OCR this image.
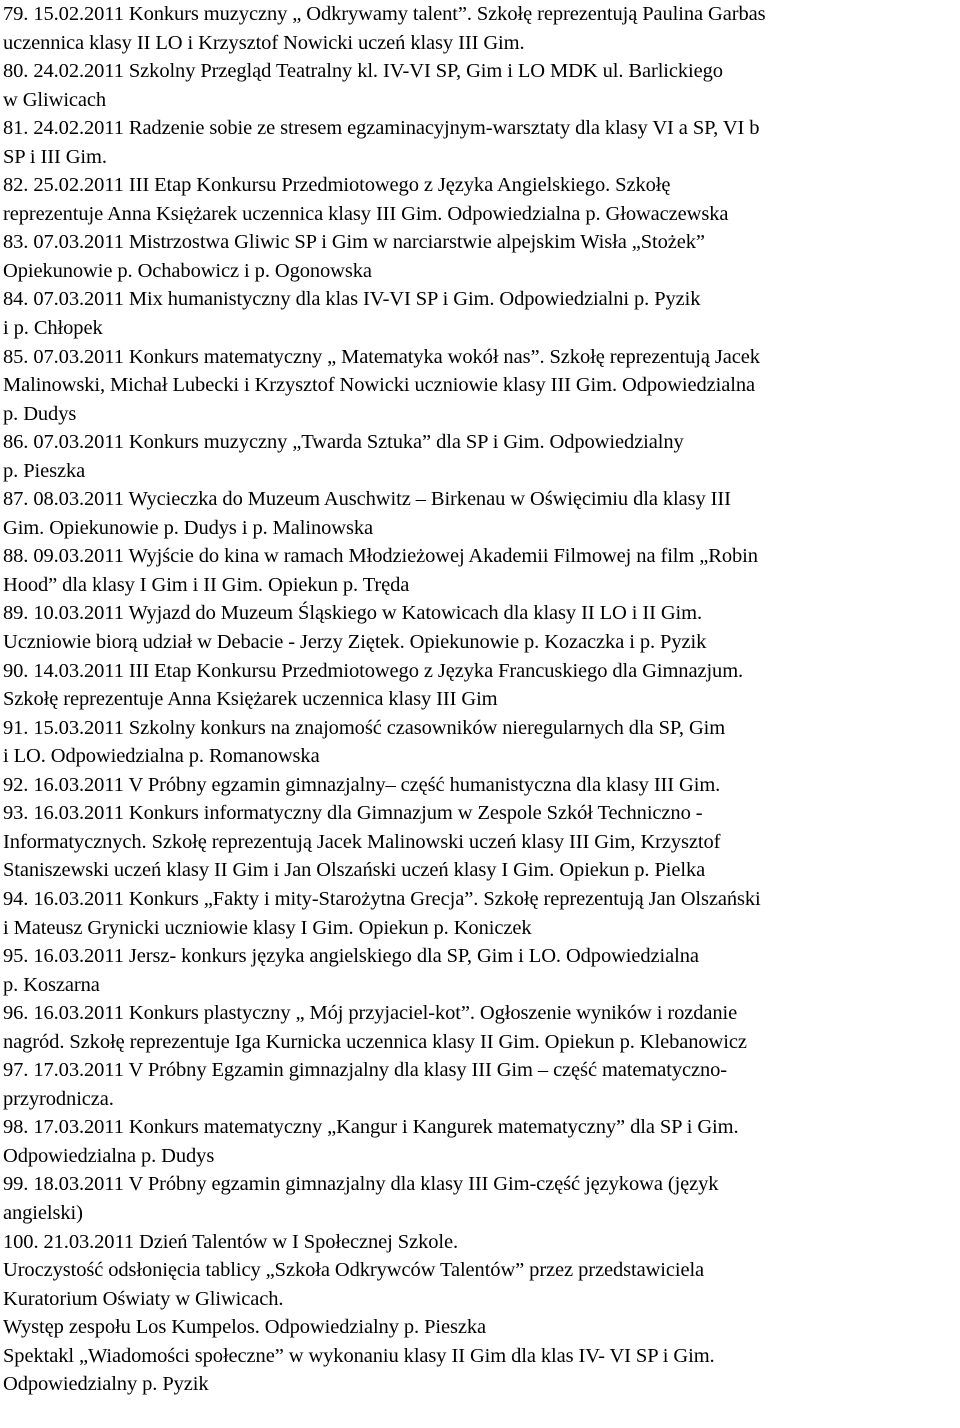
79. 15.02.2011 Konkurs muzyczny „ Odkrywamy talent”. Szkołę reprezentują Paulina Garbas
uczennica klasy II LO i Krzysztof Nowicki uczeń klasy III Gim.
80. 24.02.2011 Szkolny Przegląd Teatralny kl. IV-VI SP, Gim i LO MDK ul. Barlickiego
w Gliwicach
81. 24.02.2011 Radzenie sobie ze stresem egzaminacyjnym-warsztaty dla klasy VI a SP, VI b
SP i III Gim.
82. 25.02.2011 III Etap Konkursu Przedmiotowego z Języka Angielskiego. Szkołę
reprezentuje Anna Księżarek uczennica klasy III Gim. Odpowiedzialna p. Głowaczewska
83. 07.03.2011 Mistrzostwa Gliwic SP i Gim w narciarstwie alpejskim Wisła „Stożek”
Opiekunowie p. Ochabowicz i p. Ogonowska
84. 07.03.2011 Mix humanistyczny dla klas IV-VI SP i Gim. Odpowiedzialni p. Pyzik
i p. Chłopek
85. 07.03.2011 Konkurs matematyczny „ Matematyka wokół nas”. Szkołę reprezentują Jacek
Malinowski, Michał Lubecki i Krzysztof Nowicki uczniowie klasy III Gim. Odpowiedzialna
p. Dudys
86. 07.03.2011 Konkurs muzyczny „Twarda Sztuka” dla SP i Gim. Odpowiedzialny
p. Pieszka
87. 08.03.2011 Wycieczka do Muzeum Auschwitz – Birkenau w Oświęcimiu dla klasy III
Gim. Opiekunowie p. Dudys i p. Malinowska
88. 09.03.2011 Wyjście do kina w ramach Młodzieżowej Akademii Filmowej na film „Robin
Hood” dla klasy I Gim i II Gim. Opiekun p. Tręda
89. 10.03.2011 Wyjazd do Muzeum Śląskiego w Katowicach dla klasy II LO i II Gim.
Uczniowie biorą udział w Debacie - Jerzy Ziętek. Opiekunowie p. Kozaczka i p. Pyzik
90. 14.03.2011 III Etap Konkursu Przedmiotowego z Języka Francuskiego dla Gimnazjum.
Szkołę reprezentuje Anna Księżarek uczennica klasy III Gim
91. 15.03.2011 Szkolny konkurs na znajomość czasowników nieregularnych dla SP, Gim
i LO. Odpowiedzialna p. Romanowska
92. 16.03.2011 V Próbny egzamin gimnazjalny– część humanistyczna dla klasy III Gim.
93. 16.03.2011 Konkurs informatyczny dla Gimnazjum w Zespole Szkół Techniczno -
Informatycznych. Szkołę reprezentują Jacek Malinowski uczeń klasy III Gim, Krzysztof
Staniszewski uczeń klasy II Gim i Jan Olszański uczeń klasy I Gim. Opiekun p. Pielka
94. 16.03.2011 Konkurs „Fakty i mity-Starożytna Grecja”. Szkołę reprezentują Jan Olszański
i Mateusz Grynicki uczniowie klasy I Gim. Opiekun p. Koniczek
95. 16.03.2011 Jersz- konkurs języka angielskiego dla SP, Gim i LO. Odpowiedzialna
p. Koszarna
96. 16.03.2011 Konkurs plastyczny „ Mój przyjaciel-kot”. Ogłoszenie wyników i rozdanie
nagród. Szkołę reprezentuje Iga Kurnicka uczennica klasy II Gim. Opiekun p. Klebanowicz
97. 17.03.2011 V Próbny Egzamin gimnazjalny dla klasy III Gim – część matematyczno-
przyrodnicza.
98. 17.03.2011 Konkurs matematyczny „Kangur i Kangurek matematyczny” dla SP i Gim.
Odpowiedzialna p. Dudys
99. 18.03.2011 V Próbny egzamin gimnazjalny dla klasy III Gim-część językowa (język
angielski)
100. 21.03.2011 Dzień Talentów w I Społecznej Szkole.
Uroczystość odsłonięcia tablicy „Szkoła Odkrywców Talentów” przez przedstawiciela
Kuratorium Oświaty w Gliwicach.
Występ zespołu Los Kumpelos. Odpowiedzialny p. Pieszka
Spektakl „Wiadomości społeczne” w wykonaniu klasy II Gim dla klas IV- VI SP i Gim.
Odpowiedzialny p. Pyzik
